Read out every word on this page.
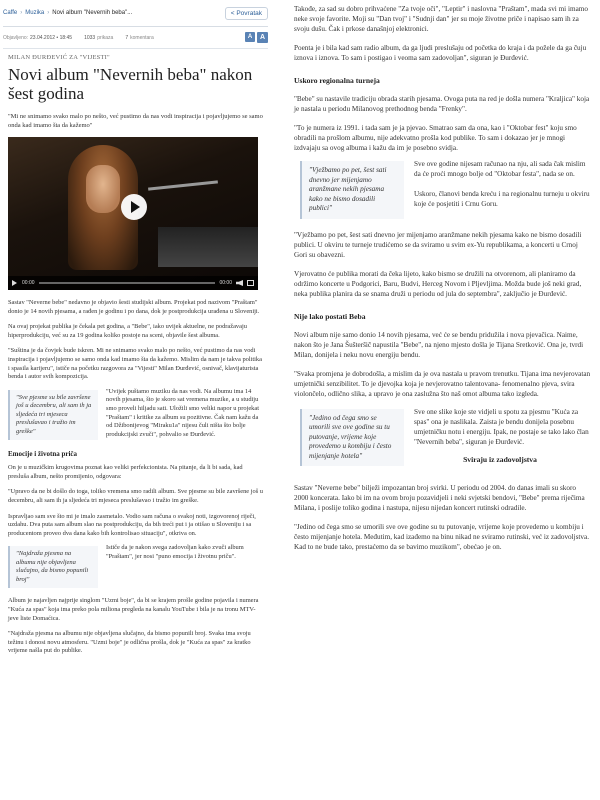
Caffe › Muzika › Novi album "Nevernih beba"...	< Povratak
Objavljeno: 23.04.2012 • 18:45 1033 prikaza 7 komentara	A	A
MILAN ĐURĐEVIĆ ZA "VIJESTI"
Novi album "Nevernih beba" nakon šest godina

"Mi ne snimamo svako malo po nešto, već pustimo da nas vodi inspiracija i pojavljujemo se samo onda kad imamo šta da kažemo"

00:00	00:00

Sastav "Neverne bebe" nedavno je objavio šesti studijski album. Projekat pod nazivom "Praštam" donio je 14 novih pjesama, a rađen je godinu i po dana, dok je postprodukcija urađena u Sloveniji.

Na ovaj projekat publika je čekala pet godina, a "Bebe", iako uvijek aktuelne, ne podražavaju hiperprodukciju, već su za 19 godina koliko postoje na sceni, objavile šest albuma.

"Suština je da čovjek bude iskren. Mi ne snimamo svako malo po nešto, već pustimo da nas vodi inspiracija i pojavljujemo se samo onda kad imamo šta da kažemo. Mislim da nam je takva politika i spasila karijeru", ističe na početku razgovora za "Vijesti" Milan Đurđević, osnivač, klavijaturista benda i autor svih kompozicija.

"Sve pjesme su bile završene još u decembru, ali sam ih ja sljedeća tri mjeseca preslušavao i tražio im greške"
"Uvijek puštamo muziku da nas vodi. Na albumu ima 14 novih pjesama, što je skoro sat vremena muzike, a u studiju smo proveli hiljadu sati. Uložili smo veliki napor u projekat "Praštam" i kritike za album su pozitivne. Čak nam kažu da od Džibonijevog "Miraku1a" nijesu čuli ništa što bolje produkcijski zvuči", pohvalio se Đurđević.
Emocije i životna priča

On je u muzičkim krugovima poznat kao veliki perfekcionista. Na pitanje, da li bi sada, kad presluša album, nešto promijenio, odgovara:

"Upravo da ne bi došlo do toga, toliko vremena smo radili album. Sve pjesme su bile završene još u decembru, ali sam ih ja sljedeća tri mjeseca preslušavao i tražio im greške.

Ispravljao sam sve što mi je imalo zasmetalo. Vodio sam računa o svakoj noti, izgovorenoj riječi, uzdahu. Dva puta sam album slao na postprodukciju, da bih treći put i ja otišao u Sloveniju i sa producentom proveo dva dana kako bih kontrolisao situaciju", otkriva on.

"Najdraža pjesma na albumu nije objavljena slučajno, da bismo popunili broj"
Ističe da je nakon svega zadovoljan kako zvuči album "Praštam", jer nosi "puno emocija i životnu priču".

Album je najavljen najprije singlom "Uzmi boje", da bi se krajem prošle godine pojavila i numera "Kuća za spas" koja ima preko pola miliona pregleda na kanalu YouTube i bila je na tronu MTV-jeve liste Domaćica.

"Najdraža pjesma na albumu nije objavljena slučajno, da bismo popunili broj. Svaka ima svoju težinu i donosi novu atmosferu. "Uzmi boje" je odlična prošla, dok je "Kuća za spas" za kratko vrijeme našla put do publike.

Takođe, za sad su dobro prihvaćene "Za tvoje oči", "Leptir" i naslovna "Praštam", mada svi mi imamo neke svoje favorite. Moji su "Dan tvoj" i "Sudnji dan" jer su moje životne priče i napisao sam ih za svoju dušu. Čak i prkose današnjoj elektronici.

Poenta je i bila kad sam radio album, da ga ljudi preslušaju od početka do kraja i da požele da ga čuju iznova i iznova. To sam i postigao i veoma sam zadovoljan", siguran je Đurđević.

Uskoro regionalna turneja

"Bebe" su nastavile tradiciju obrada starih pjesama. Ovoga puta na red je došla numera "Kraljica" koja je nastala u periodu Milanovog prethodnog benda "Frenky".

"To je numera iz 1991. i tada sam je ja pjevao. Smatrao sam da ona, kao i "Oktobar fest" koju smo obradili na prošlom albumu, nije adekvatno prošla kod publike. To sam i dokazao jer je mnogi izdvajaju sa ovog albuma i kažu da im je posebno svidja.

"Vježbamo po pet, šest sati dnevno jer mijenjamo aranžmane nekih pjesama kako ne bismo dosadili publici"
Sve ove godine nijesam računao na nju, ali sada čak mislim da će proći mnogo bolje od "Oktobar festa", nada se on.

Uskoro, članovi benda kreću i na regionalnu turneju u okviru koje će posjetiti i Crnu Goru.

"Vježbamo po pet, šest sati dnevno jer mijenjamo aranžmane nekih pjesama kako ne bismo dosadili publici. U okviru te turneje trudićemo se da sviramo u svim ex-Yu republikama, a koncerti u Crnoj Gori su obavezni.

Vjerovatno će publika morati da čeka lijeto, kako bismo se družili na otvorenom, ali planiramo da održimo koncerte u Podgorici, Baru, Budvi, Herceg Novom i Pljevljima. Možda bude još neki grad, neka publika planira da se snama druži u periodu od jula do septembra", zaključio je Đurđević.

Nije lako postati Beba

Novi album nije samo donio 14 novih pjesama, već će se bendu pridužila i nova pjevačica. Naime, nakon što je Jana Šušteršič napustila "Bebe", na njeno mjesto došla je Tijana Sretković. Ona je, tvrdi Milan, donijela i neku novu energiju bendu.

"Svaka promjena je dobrodošla, a mislim da je ova nastala u pravom trenutku. Tijana ima nevjerovatan umjetnički senzibilitet. To je djevojka koja je nevjerovatno talentovana- fenomenalno pjeva, svira violončelo, odlično slika, a upravo je ona zaslužna što naš omot albuma tako izgleda.

"Jedino od čega smo se umorili sve ove godine su tu putovanje, vrijeme koje provedemo u kombiju i često mijenjanje hotela"
Sve one slike koje ste vidjeli u spotu za pjesmu "Kuća za spas" ona je naslikala. Zaista je bendu donijela posebnu umjetničku notu i energiju. Ipak, ne postaje se tako lako član "Nevernih beba", siguran je Đurđević.
Sviraju iz zadovoljstva

Sastav "Neverne bebe" bilježi impozantan broj svirki. U periodu od 2004. do danas imali su skoro 2000 koncerata. Iako bi im na ovom broju pozavidjeli i neki svjetski bendovi, "Bebe" prema riječima Milana, i poslije toliko godina i nastupa, nijesu nijedan koncert rutinski odradile.

"Jedino od čega smo se umorili sve ove godine su tu putovanje, vrijeme koje provedemo u kombiju i često mijenjanje hotela. Međutim, kad izađemo na binu nikad ne sviramo rutinski, već iz zadovoljstva. Kad to ne bude tako, prestaćemo da se bavimo muzikom", obećao je on.
